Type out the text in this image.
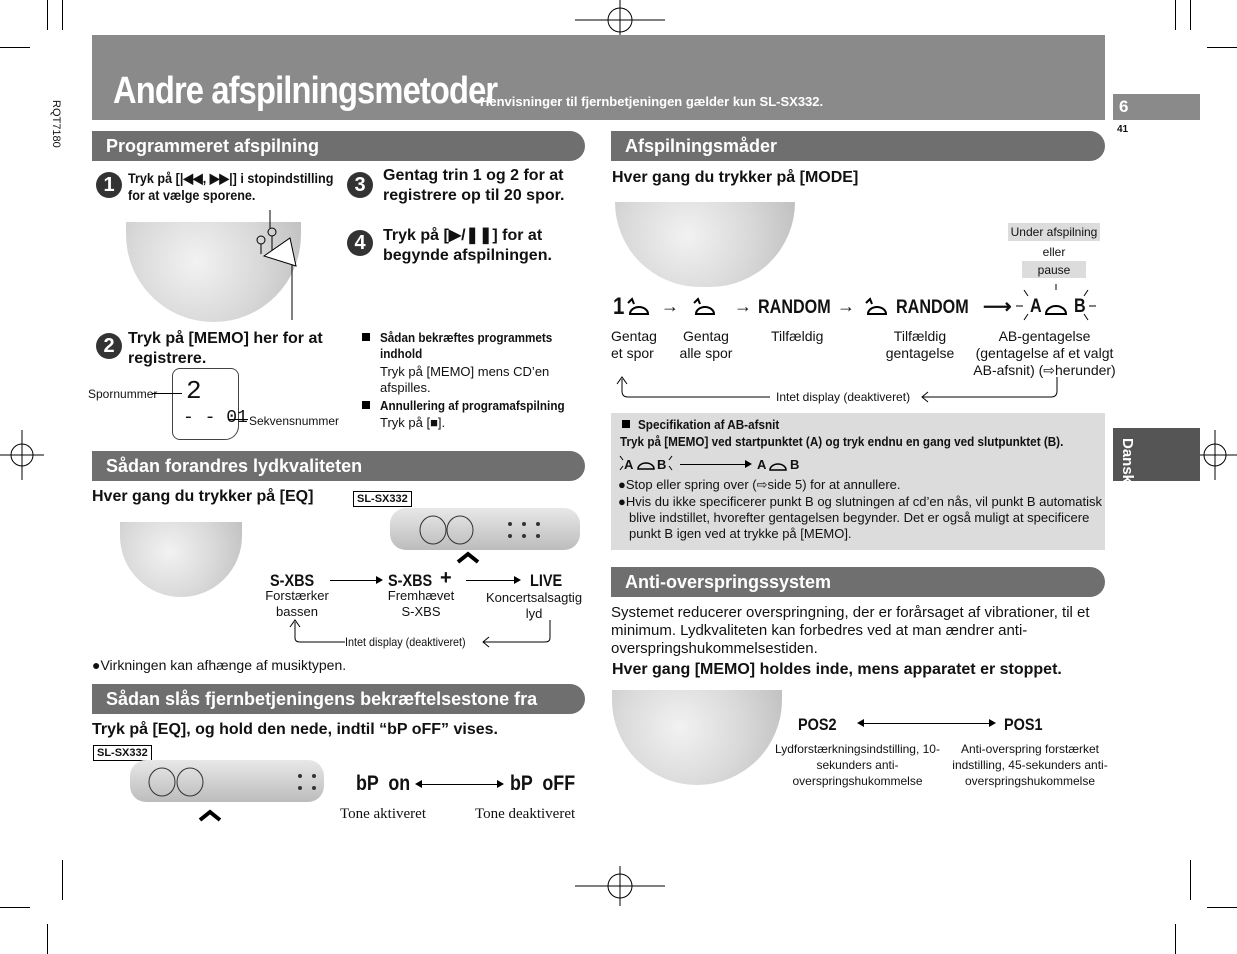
Andre afspilningsmetoder
Henvisninger til fjernbetjeningen gælder kun SL-SX332.
RQT7180	6
41
Dansk
Programmeret afspilning
1 Tryk på [|◀◀, ▶▶|] i stopindstilling for at vælge sporene.	3	Gentag trin 1 og 2 for at registrere op til 20 spor.
4	Tryk på [▶/❚❚] for at begynde afspilningen.
2 Tryk på [MEMO] her for at registrere.
2
- - 01
Spornummer
Sekvensnummer
Sådan bekræftes programmets indhold
Tryk på [MEMO] mens CD’en afspilles.
Annullering af programafspilning
Tryk på [■].
Sådan forandres lydkvaliteten
Hver gang du trykker på [EQ]	SL-SX332
S-XBS	S-XBS +	LIVE
Forstærker bassen
Fremhævet S-XBS
Koncertsalsagtig lyd
Intet display (deaktiveret)
●Virkningen kan afhænge af musiktypen.
Sådan slås fjernbetjeningens bekræftelsestone fra
Tryk på [EQ], og hold den nede, indtil “bP oFF” vises.
SL-SX332
bP  on	bP  oFF
Tone aktiveret	Tone deaktiveret
Afspilningsmåder
Hver gang du trykker på [MODE]
Under afspilning
eller
pause
1 →	→ RANDOM → RANDOM ⟶ A B
Gentag et spor
Gentag alle spor
Tilfældig	Tilfældig gentagelse
AB-gentagelse (gentagelse af et valgt AB-afsnit) (⇨herunder)
Intet display (deaktiveret)
Specifikation af AB-afsnit
Tryk på [MEMO] ved startpunktet (A) og tryk endnu en gang ved slutpunktet (B).
A B	A B
●Stop eller spring over (⇨side 5) for at annullere.
●Hvis du ikke specificerer punkt B og slutningen af cd’en nås, vil punkt B automatisk blive indstillet, hvorefter gentagelsen begynder. Det er også muligt at specificere punkt B igen ved at trykke på [MEMO].
Anti-overspringssystem
Systemet reducerer overspringning, der er forårsaget af vibrationer, til et minimum. Lydkvaliteten kan forbedres ved at man ændrer anti-overspringshukommelsestiden.
Hver gang [MEMO] holdes inde, mens apparatet er stoppet.
POS2	POS1
Lydforstærkningsindstilling, 10-sekunders anti-overspringshukommelse
Anti-overspring forstærket indstilling, 45-sekunders anti-overspringshukommelse
